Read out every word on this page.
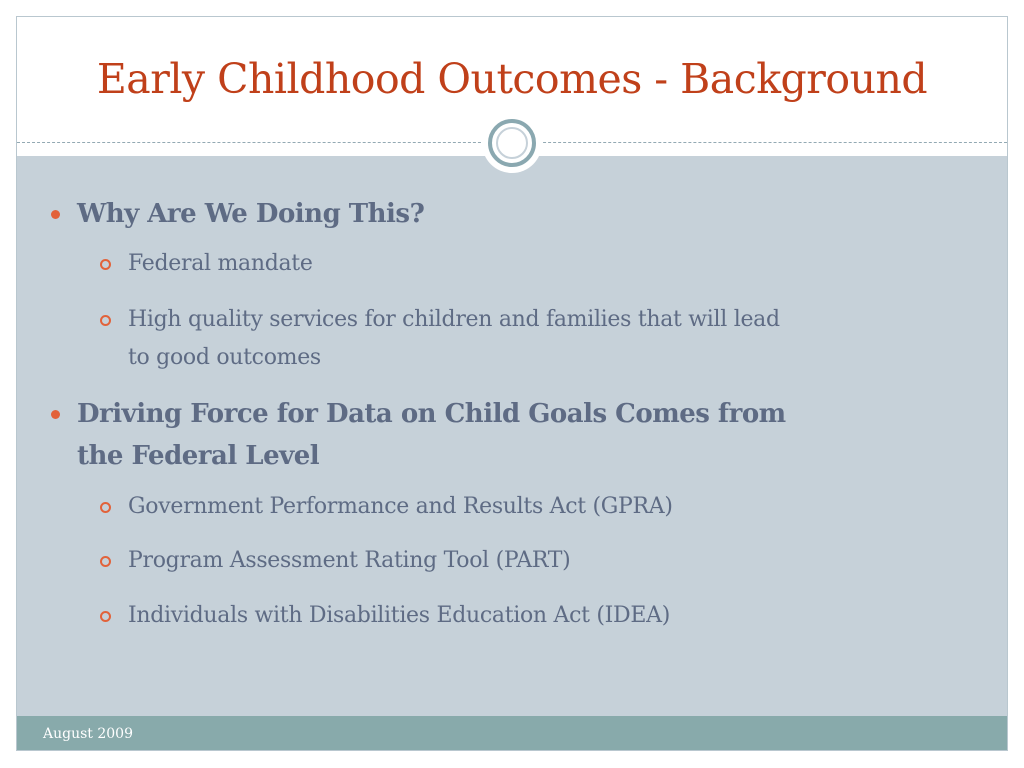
Early Childhood Outcomes - Background

Why Are We Doing This?

Federal mandate

High quality services for children and families that will lead

to good outcomes

Driving Force for Data on Child Goals Comes from

the Federal Level

Government Performance and Results Act (GPRA)

Program Assessment Rating Tool (PART)

Individuals with Disabilities Education Act (IDEA)

August 2009
